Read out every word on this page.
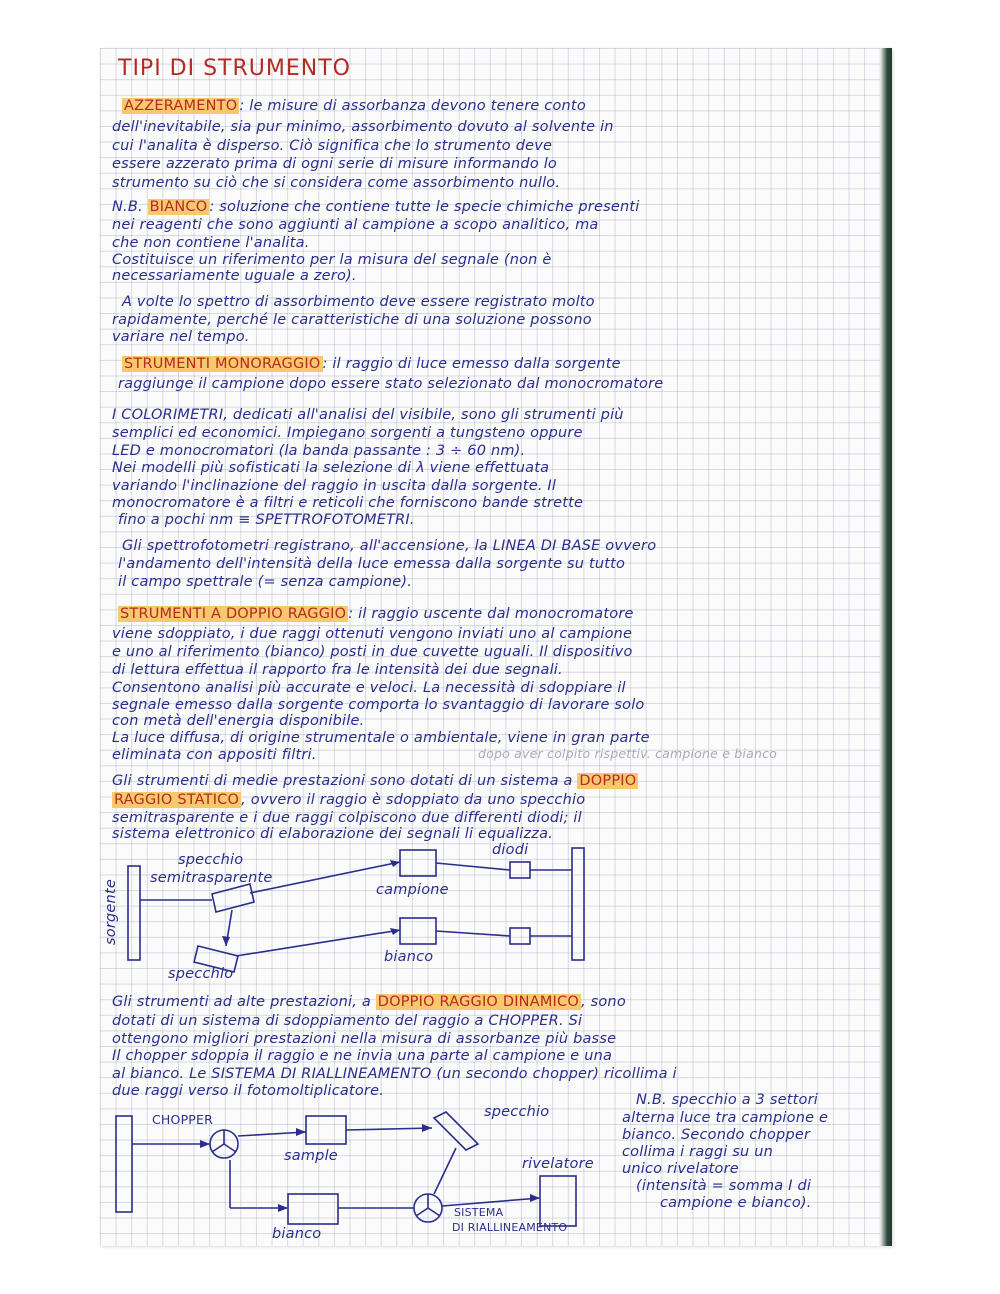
TIPI DI STRUMENTO
AZZERAMENTO : le misure di assorbanza devono tenere conto
dell'inevitabile, sia pur minimo, assorbimento dovuto al solvente in
cui l'analita è disperso. Ciò significa che lo strumento deve
essere azzerato prima di ogni serie di misure informando lo
strumento su ciò che si considera come assorbimento nullo.
N.B. BIANCO : soluzione che contiene tutte le specie chimiche presenti
nei reagenti che sono aggiunti al campione a scopo analitico, ma
che non contiene l'analita.
Costituisce un riferimento per la misura del segnale (non è
necessariamente uguale a zero).
A volte lo spettro di assorbimento deve essere registrato molto
rapidamente, perché le caratteristiche di una soluzione possono
variare nel tempo.
STRUMENTI MONORAGGIO : il raggio di luce emesso dalla sorgente
raggiunge il campione dopo essere stato selezionato dal monocromatore
I COLORIMETRI, dedicati all'analisi del visibile, sono gli strumenti più
semplici ed economici. Impiegano sorgenti a tungsteno oppure
LED e monocromatori (la banda passante : 3 ÷ 60 nm).
Nei modelli più sofisticati la selezione di λ viene effettuata
variando l'inclinazione del raggio in uscita dalla sorgente. Il
monocromatore è a filtri e reticoli che forniscono bande strette
fino a pochi nm ≡ SPETTROFOTOMETRI.
Gli spettrofotometri registrano, all'accensione, la LINEA DI BASE ovvero
l'andamento dell'intensità della luce emessa dalla sorgente su tutto
il campo spettrale (= senza campione).
STRUMENTI A DOPPIO RAGGIO : il raggio uscente dal monocromatore
viene sdoppiato, i due raggi ottenuti vengono inviati uno al campione
e uno al riferimento (bianco) posti in due cuvette uguali. Il dispositivo
di lettura effettua il rapporto fra le intensità dei due segnali.
Consentono analisi più accurate e veloci. La necessità di sdoppiare il
segnale emesso dalla sorgente comporta lo svantaggio di lavorare solo
con metà dell'energia disponibile.
La luce diffusa, di origine strumentale o ambientale, viene in gran parte
eliminata con appositi filtri.	dopo aver colpito rispettiv. campione e bianco
Gli strumenti di medie prestazioni sono dotati di un sistema a DOPPIO
RAGGIO STATICO , ovvero il raggio è sdoppiato da uno specchio
semitrasparente e i due raggi colpiscono due differenti diodi; il
sistema elettronico di elaborazione dei segnali li equalizza.
specchio
semitrasparente
diodi
campione
bianco
specchio
sorgente
Gli strumenti ad alte prestazioni, a DOPPIO RAGGIO DINAMICO , sono
dotati di un sistema di sdoppiamento del raggio a CHOPPER. Si
ottengono migliori prestazioni nella misura di assorbanze più basse
Il chopper sdoppia il raggio e ne invia una parte al campione e una
al bianco. Le SISTEMA DI RIALLINEAMENTO (un secondo chopper) ricollima i
due raggi verso il fotomoltiplicatore.
CHOPPER
sample
specchio
rivelatore
bianco
SISTEMA
DI RIALLINEAMENTO
N.B. specchio a 3 settori
alterna luce tra campione e
bianco. Secondo chopper
collima i raggi su un
unico rivelatore
(intensità = somma I di
campione e bianco).
